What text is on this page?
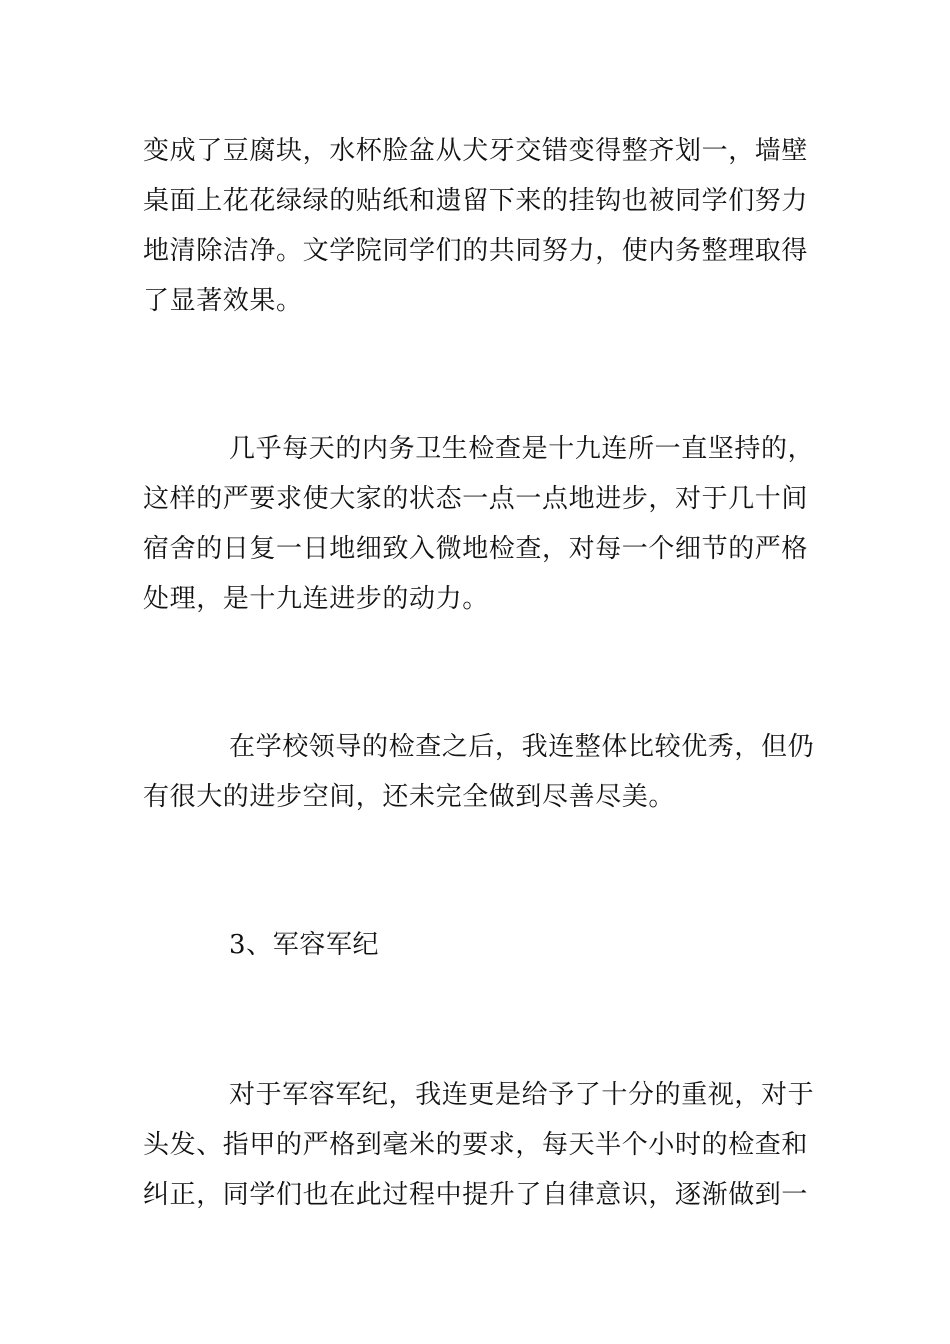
变成了豆腐块，水杯脸盆从犬牙交错变得整齐划一，墙壁
桌面上花花绿绿的贴纸和遗留下来的挂钩也被同学们努力
地清除洁净。文学院同学们的共同努力，使内务整理取得
了显著效果。
几乎每天的内务卫生检查是十九连所一直坚持的，
这样的严要求使大家的状态一点一点地进步，对于几十间
宿舍的日复一日地细致入微地检查，对每一个细节的严格
处理，是十九连进步的动力。
在学校领导的检查之后，我连整体比较优秀，但仍
有很大的进步空间，还未完全做到尽善尽美。
3、军容军纪
对于军容军纪，我连更是给予了十分的重视，对于
头发、指甲的严格到毫米的要求，每天半个小时的检查和
纠正，同学们也在此过程中提升了自律意识，逐渐做到一
